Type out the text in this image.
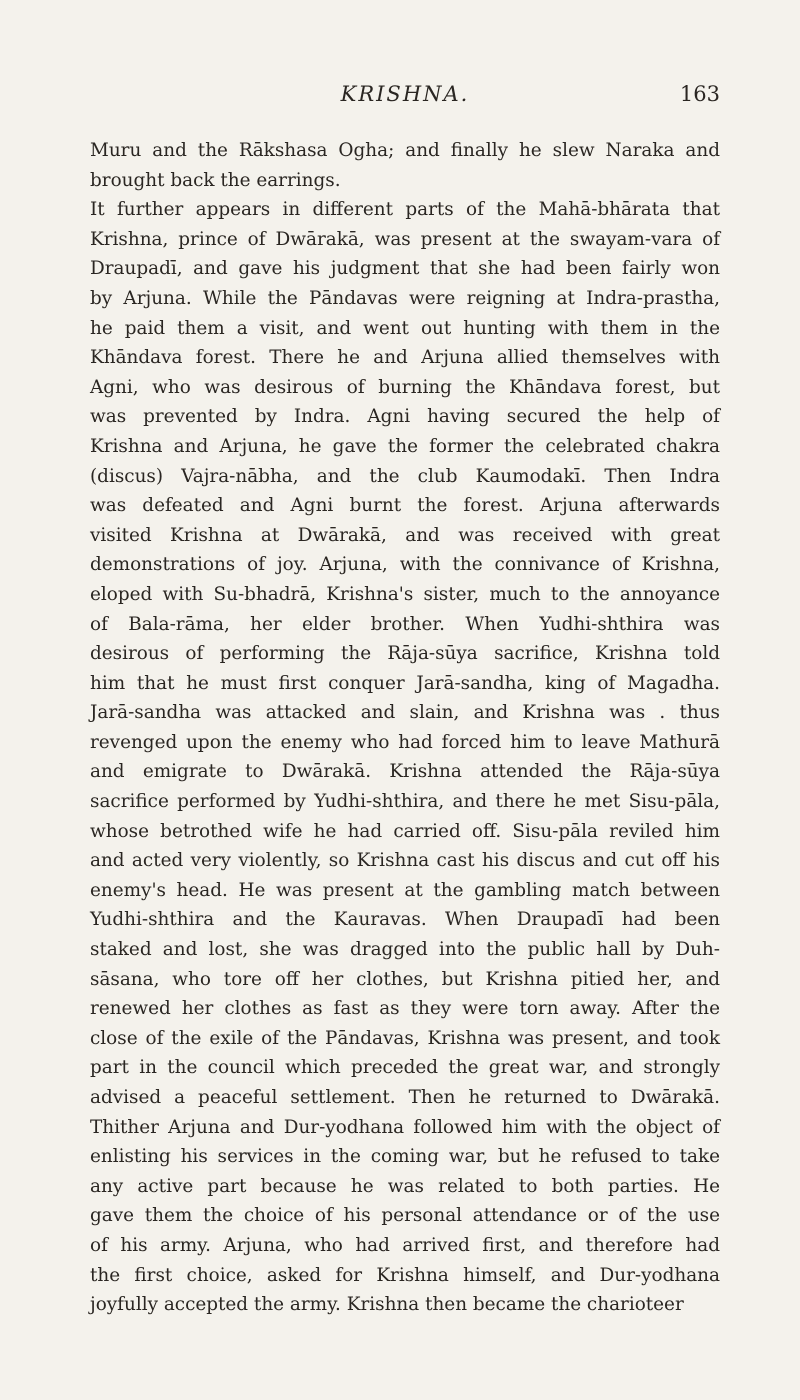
KRISHNA.	163
Muru and the Rākshasa Ogha; and finally he slew Naraka and
brought back the earrings.
It further appears in different parts of the Mahā-bhārata that
Krishna, prince of Dwārakā, was present at the swayam-vara of
Draupadī, and gave his judgment that she had been fairly won
by Arjuna. While the Pāndavas were reigning at Indra-prastha,
he paid them a visit, and went out hunting with them in the
Khāndava forest. There he and Arjuna allied themselves with
Agni, who was desirous of burning the Khāndava forest, but
was prevented by Indra. Agni having secured the help of
Krishna and Arjuna, he gave the former the celebrated chakra
(discus) Vajra-nābha, and the club Kaumodakī. Then Indra
was defeated and Agni burnt the forest. Arjuna afterwards
visited Krishna at Dwārakā, and was received with great
demonstrations of joy. Arjuna, with the connivance of Krishna,
eloped with Su-bhadrā, Krishna's sister, much to the annoyance
of Bala-rāma, her elder brother. When Yudhi-shthira was
desirous of performing the Rāja-sūya sacrifice, Krishna told
him that he must first conquer Jarā-sandha, king of Magadha.
Jarā-sandha was attacked and slain, and Krishna was . thus
revenged upon the enemy who had forced him to leave Mathurā
and emigrate to Dwārakā. Krishna attended the Rāja-sūya
sacrifice performed by Yudhi-shthira, and there he met Sisu-pāla,
whose betrothed wife he had carried off. Sisu-pāla reviled him
and acted very violently, so Krishna cast his discus and cut off his
enemy's head. He was present at the gambling match between
Yudhi-shthira and the Kauravas. When Draupadī had been
staked and lost, she was dragged into the public hall by Duh-
sāsana, who tore off her clothes, but Krishna pitied her, and
renewed her clothes as fast as they were torn away. After the
close of the exile of the Pāndavas, Krishna was present, and took
part in the council which preceded the great war, and strongly
advised a peaceful settlement. Then he returned to Dwārakā.
Thither Arjuna and Dur-yodhana followed him with the object of
enlisting his services in the coming war, but he refused to take
any active part because he was related to both parties. He
gave them the choice of his personal attendance or of the use
of his army. Arjuna, who had arrived first, and therefore had
the first choice, asked for Krishna himself, and Dur-yodhana
joyfully accepted the army. Krishna then became the charioteer
